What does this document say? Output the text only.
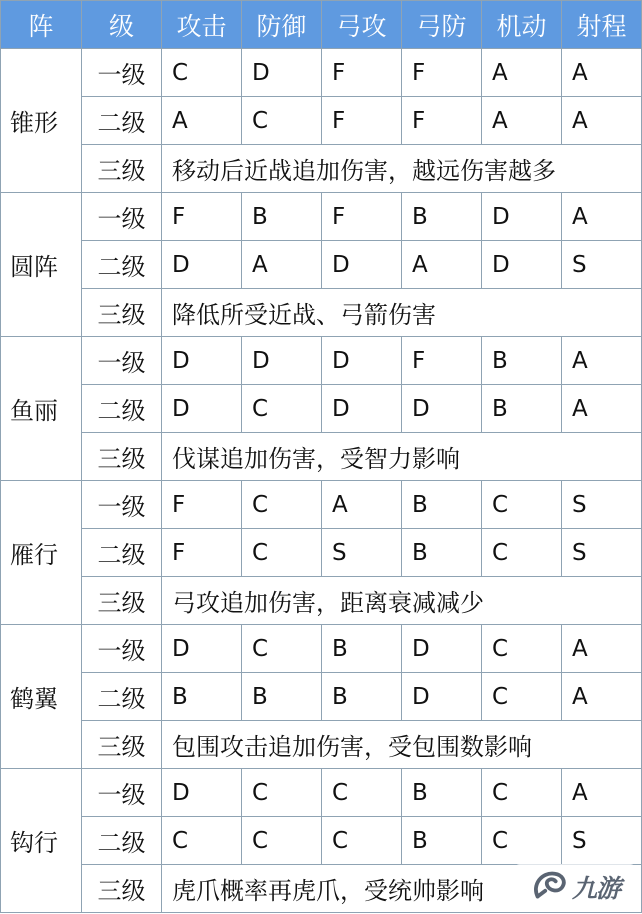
阵	级	攻击	防御	弓攻	弓防	机动	射程
锥形	一级	C	D	F	F	A	A
	二级	A	C	F	F	A	A
	三级	移动后近战追加伤害，越远伤害越多					
圆阵	一级	F	B	F	B	D	A
	二级	D	A	D	A	D	S
	三级	降低所受近战、弓箭伤害					
鱼丽	一级	D	D	D	F	B	A
	二级	D	C	D	D	B	A
	三级	伐谋追加伤害，受智力影响					
雁行	一级	F	C	A	B	C	S
	二级	F	C	S	B	C	S
	三级	弓攻追加伤害，距离衰减减少					
鹤翼	一级	D	C	B	D	C	A
	二级	B	B	B	D	C	A
	三级	包围攻击追加伤害，受包围数影响					
钩行	一级	D	C	C	B	C	A
	二级	C	C	C	B	C	S
	三级	虎爪概率再虎爪，受统帅影响						九游
